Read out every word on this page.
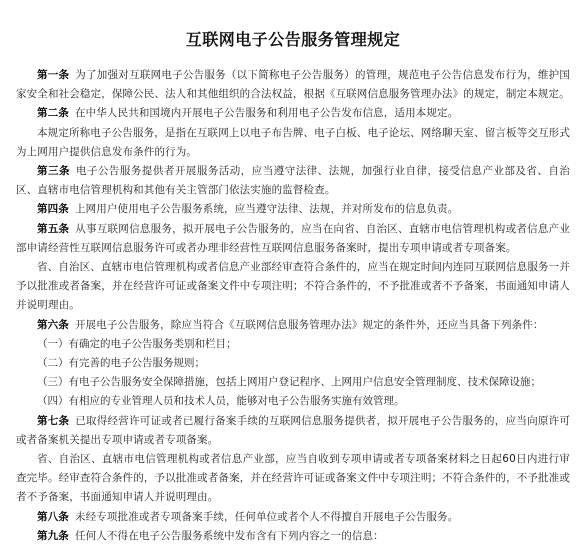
互联网电子公告服务管理规定

第一条 为了加强对互联网电子公告服务（以下简称电子公告服务）的管理，规范电子公告信息发布行为，维护国家安全和社会稳定，保障公民、法人和其他组织的合法权益，根据《互联网信息服务管理办法》的规定，制定本规定。

第二条 在中华人民共和国境内开展电子公告服务和利用电子公告发布信息，适用本规定。

本规定所称电子公告服务，是指在互联网上以电子布告牌、电子白板、电子论坛、网络聊天室、留言板等交互形式为上网用户提供信息发布条件的行为。

第三条 电子公告服务提供者开展服务活动，应当遵守法律、法规，加强行业自律，接受信息产业部及省、自治区、直辖市电信管理机构和其他有关主管部门依法实施的监督检查。

第四条 上网用户使用电子公告服务系统，应当遵守法律、法规，并对所发布的信息负责。

第五条 从事互联网信息服务，拟开展电子公告服务的，应当在向省、自治区、直辖市电信管理机构或者信息产业部申请经营性互联网信息服务许可或者办理非经营性互联网信息服务备案时，提出专项申请或者专项备案。

省、自治区、直辖市电信管理机构或者信息产业部经审查符合条件的，应当在规定时间内连同互联网信息服务一并予以批准或者备案，并在经营许可证或备案文件中专项注明；不符合条件的，不予批准或者不予备案，书面通知申请人并说明理由。

第六条 开展电子公告服务，除应当符合《互联网信息服务管理办法》规定的条件外，还应当具备下列条件：

（一）有确定的电子公告服务类别和栏目；

（二）有完善的电子公告服务规则；

（三）有电子公告服务安全保障措施，包括上网用户登记程序、上网用户信息安全管理制度、技术保障设施；

（四）有相应的专业管理人员和技术人员，能够对电子公告服务实施有效管理。

第七条 已取得经营许可证或者已履行备案手续的互联网信息服务提供者，拟开展电子公告服务的，应当向原许可或者备案机关提出专项申请或者专项备案。

省、自治区、直辖市电信管理机构或者信息产业部，应当自收到专项申请或者专项备案材料之日起60日内进行审查完毕。经审查符合条件的，予以批准或者备案，并在经营许可证或备案文件中专项注明；不符合条件的，不予批准或者不予备案，书面通知申请人并说明理由。

第八条 未经专项批准或者专项备案手续，任何单位或者个人不得擅自开展电子公告服务。

第九条 任何人不得在电子公告服务系统中发布含有下列内容之一的信息：
